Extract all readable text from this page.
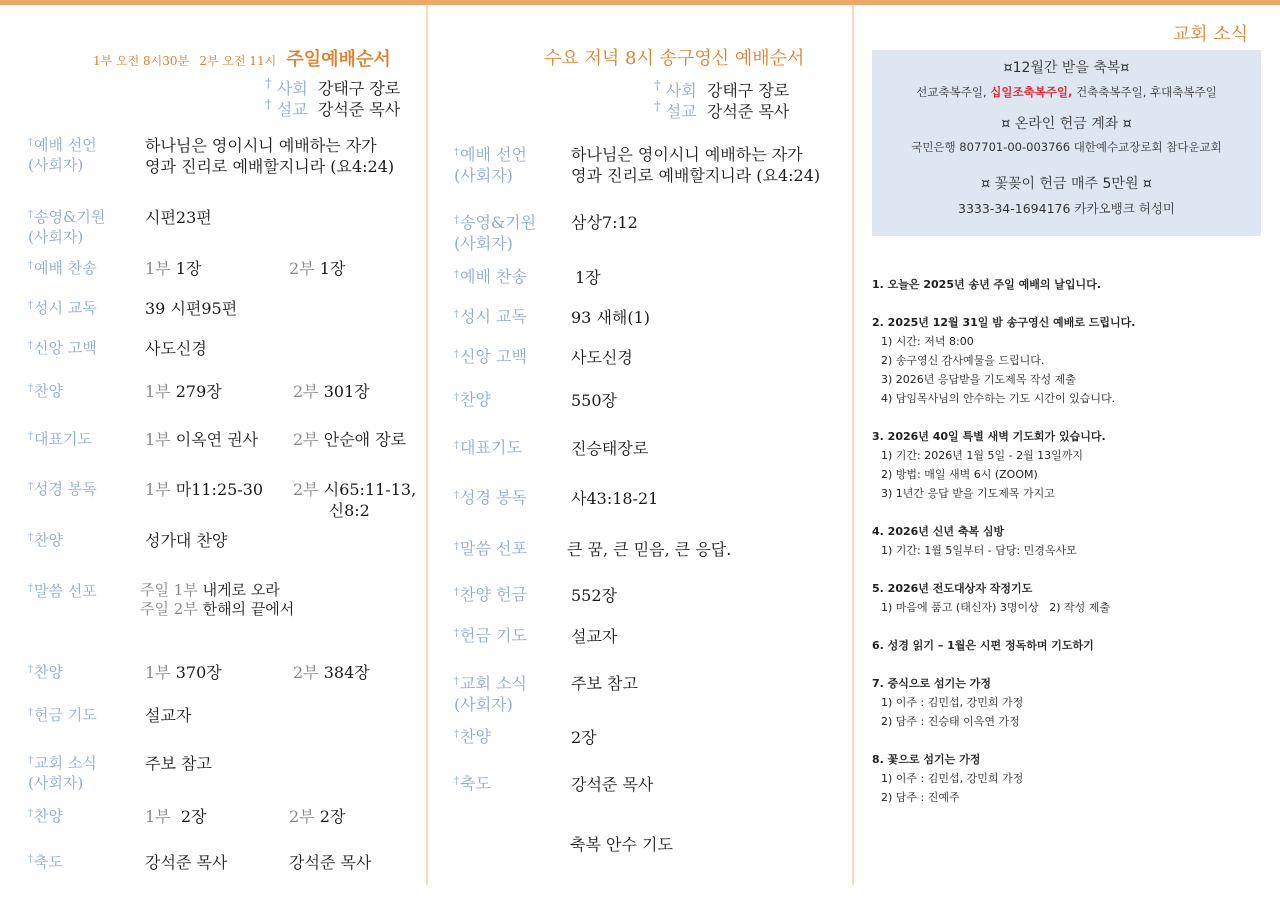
1부 오전 8시30분 2부 오전 11시 주일예배순서
† 사회 강태구 장로
† 설교 강석준 목사
†예배 선언
(사회자)
하나님은 영이시니 예배하는 자가
영과 진리로 예배할지니라 (요4:24)
†송영&기원
(사회자)
시편23편
†예배 찬송	1부 1장	2부 1장
†성시 교독	39 시편95편
†신앙 고백	사도신경
†찬양	1부 279장	2부 301장
†대표기도	1부 이옥연 권사 2부 안순애 장로
†성경 봉독	1부 마11:25-30 2부 시65:11-13,
신8:2
†찬양	성가대 찬양
†말씀 선포	주일 1부 내게로 오라
주일 2부 한해의 끝에서
†찬양	1부 370장	2부 384장
†헌금 기도	설교자
†교회 소식
(사회자)
주보 참고
†찬양	1부 2장	2부 2장
†축도	강석준 목사	강석준 목사
수요 저녁 8시 송구영신 예배순서
† 사회 강태구 장로
† 설교 강석준 목사
†예배 선언
(사회자)
하나님은 영이시니 예배하는 자가
영과 진리로 예배할지니라 (요4:24)
†송영&기원
(사회자)
삼상7:12
†예배 찬송	1장
†성시 교독	93 새해(1)
†신앙 고백	사도신경
†찬양	550장
†대표기도	진승태장로
†성경 봉독	사43:18-21
†말씀 선포	큰 꿈, 큰 믿음, 큰 응답.
†찬양 헌금	552장
†헌금 기도	설교자
†교회 소식
(사회자)
주보 참고
†찬양	2장
†축도	강석준 목사
축복 안수 기도
교회 소식
¤12월간 받을 축복¤
선교축복주일, 십일조축복주일, 건축축복주일, 후대축복주일
¤ 온라인 헌금 계좌 ¤
국민은행 807701-00-003766 대한예수교장로회 참다운교회
¤ 꽃꽂이 헌금 매주 5만원 ¤
3333-34-1694176 카카오뱅크 허성미
1. 오늘은 2025년 송년 주일 예배의 날입니다.
2. 2025년 12월 31일 밤 송구영신 예배로 드립니다.
1) 시간: 저녁 8:00
2) 송구영신 감사예물을 드립니다.
3) 2026년 응답받을 기도제목 작성 제출
4) 담임목사님의 안수하는 기도 시간이 있습니다.
3. 2026년 40일 특별 새벽 기도회가 있습니다.
1) 기간: 2026년 1월 5일 - 2월 13일까지
2) 방법: 매일 새벽 6시 (ZOOM)
3) 1년간 응답 받을 기도제목 가지고
4. 2026년 신년 축복 심방
1) 기간: 1월 5일부터 - 담당: 민경옥사모
5. 2026년 전도대상자 작정기도
1) 마음에 품고 (태신자) 3명이상   2) 작성 제출
6. 성경 읽기 – 1월은 시편 정독하며 기도하기
7. 중식으로 섬기는 가정
1) 이주 : 김민섭, 강민희 가정
2) 담주 : 진승태 이옥연 가정
8. 꽃으로 섬기는 가정
1) 이주 : 김민섭, 강민희 가정
2) 담주 : 진예주
